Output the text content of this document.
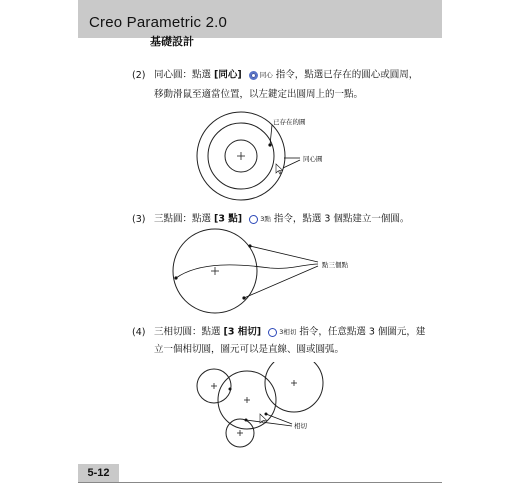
Creo Parametric 2.0
基礎設計
(2) 同心圓：點選 [同心]	同心 指令，點選已存在的圓心或圓周，
移動滑鼠至適當位置，以左鍵定出圓周上的一點。
已存在的圓
同心圓
(3) 三點圓：點選 [3 點]	3點 指令，點選 3 個點建立一個圓。
點三個點
(4) 三相切圓：點選 [3 相切]	3相切 指令，任意點選 3 個圖元，建
立一個相切圓，圖元可以是直線、圓或圓弧。
相切
5-12
